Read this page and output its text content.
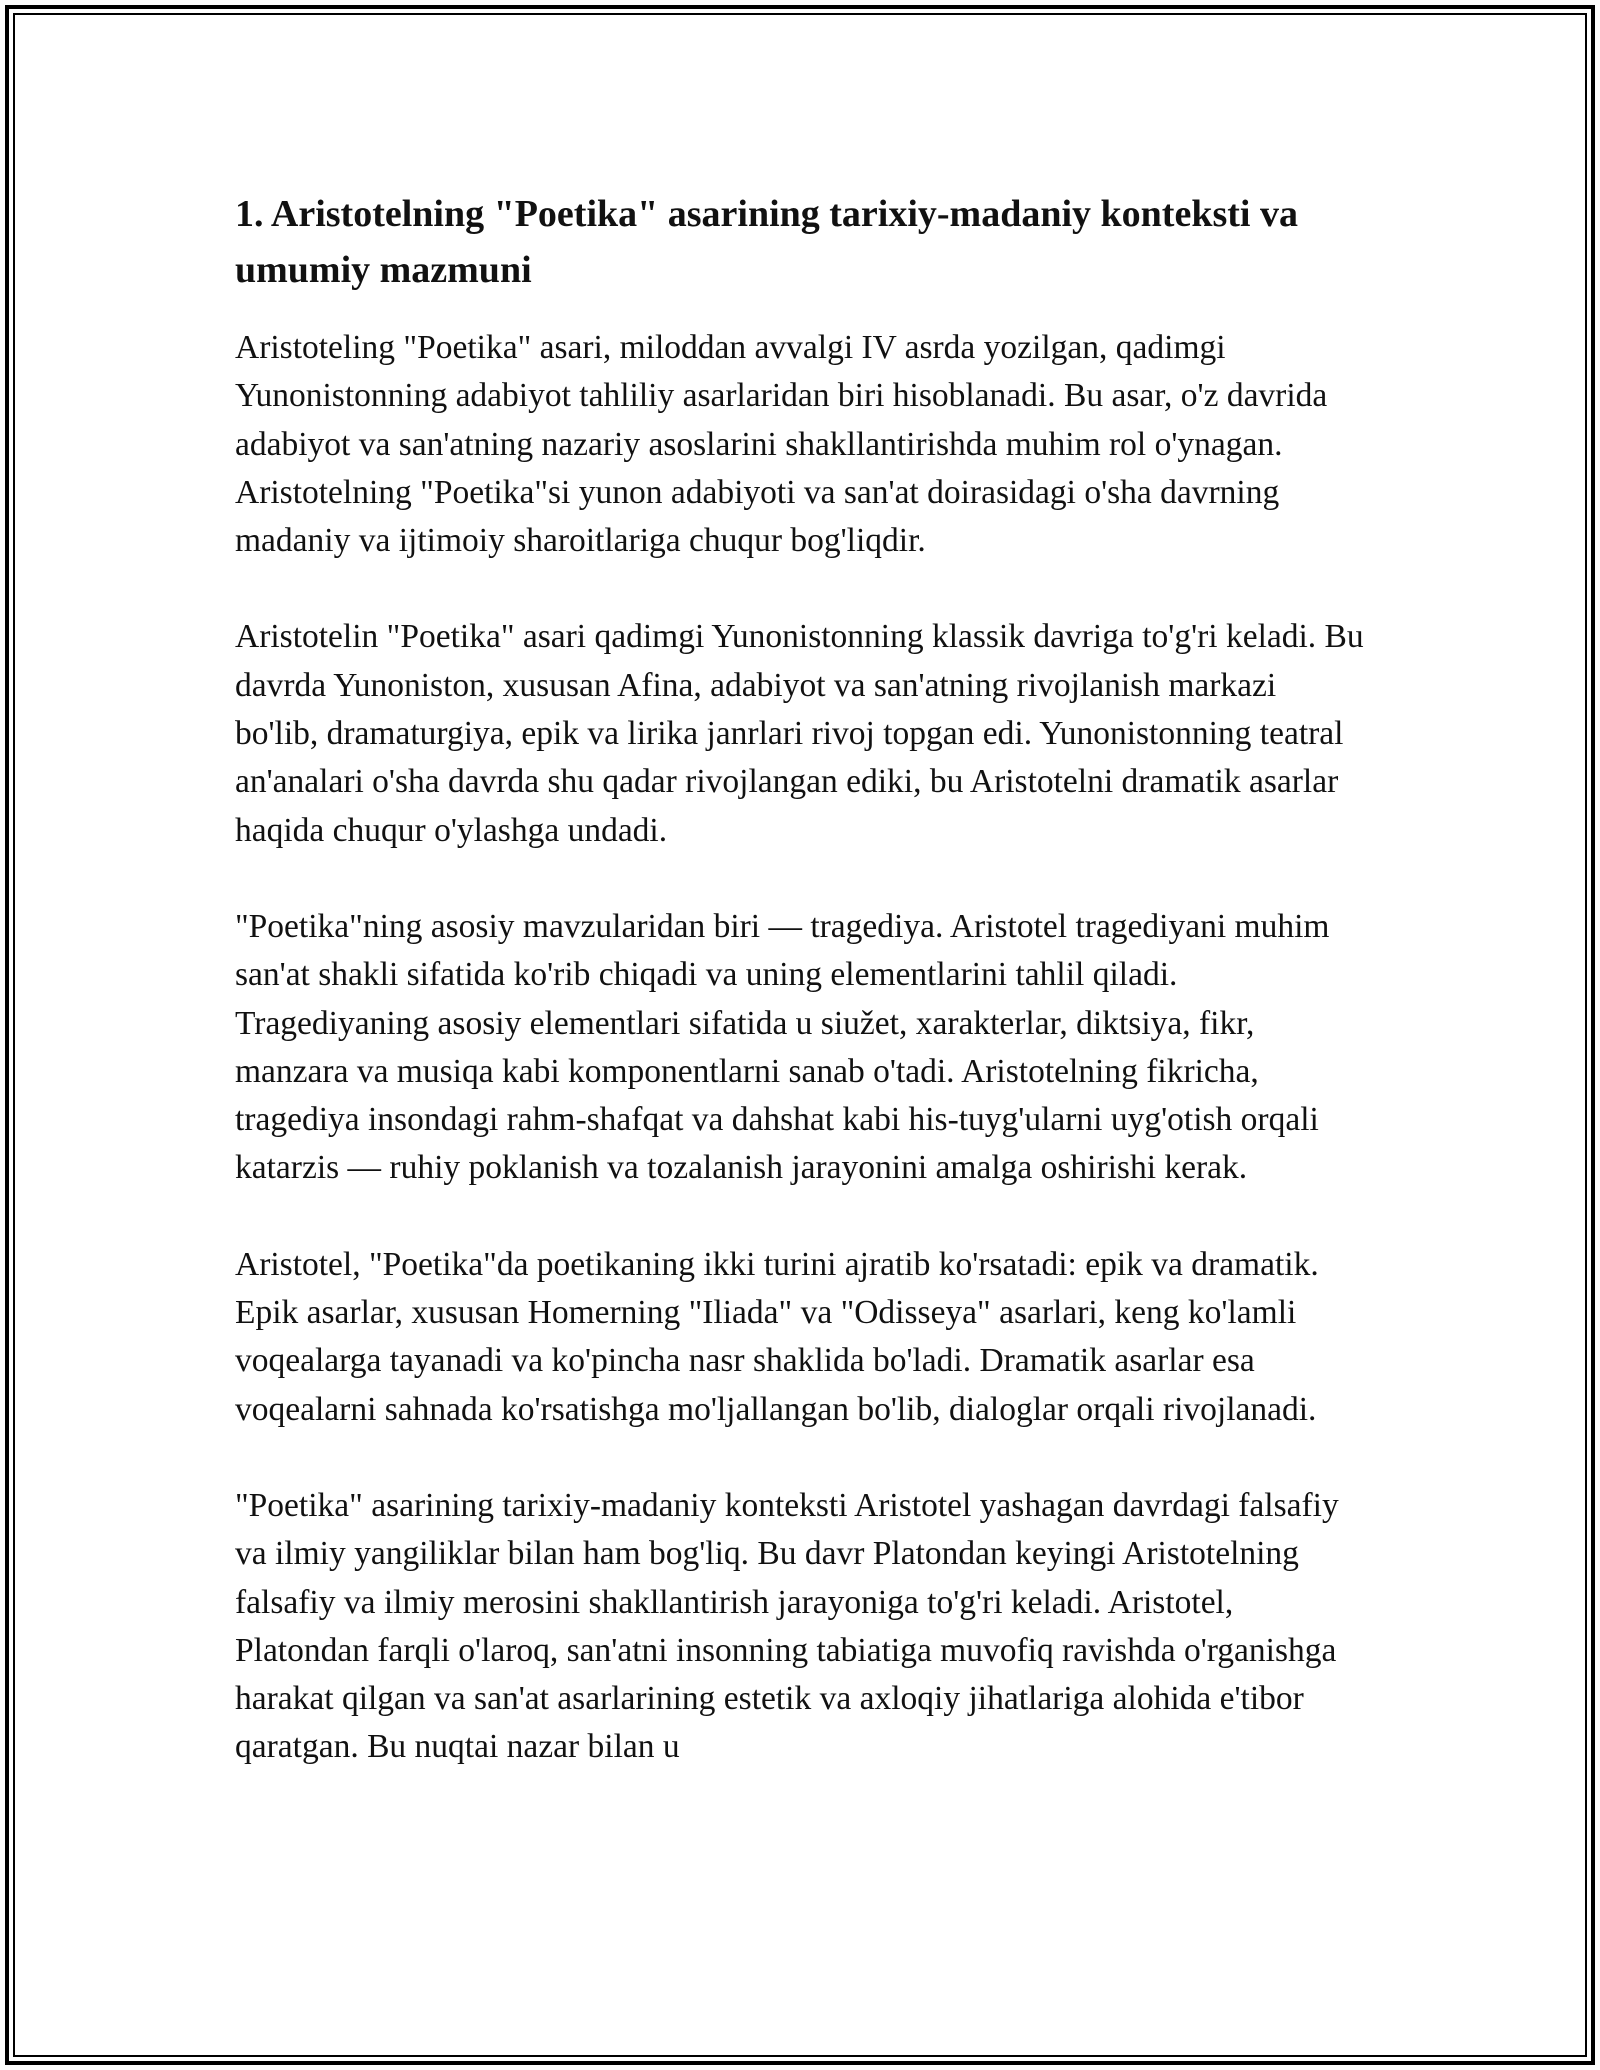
1. Aristotelning "Poetika" asarining tarixiy-madaniy konteksti va umumiy mazmuni

Aristoteling "Poetika" asari, miloddan avvalgi IV asrda yozilgan, qadimgi Yunonistonning adabiyot tahliliy asarlaridan biri hisoblanadi. Bu asar, o'z davrida adabiyot va san'atning nazariy asoslarini shakllantirishda muhim rol o'ynagan. Aristotelning "Poetika"si yunon adabiyoti va san'at doirasidagi o'sha davrning madaniy va ijtimoiy sharoitlariga chuqur bog'liqdir.

Aristotelin "Poetika" asari qadimgi Yunonistonning klassik davriga to'g'ri keladi. Bu davrda Yunoniston, xususan Afina, adabiyot va san'atning rivojlanish markazi bo'lib, dramaturgiya, epik va lirika janrlari rivoj topgan edi. Yunonistonning teatral an'analari o'sha davrda shu qadar rivojlangan ediki, bu Aristotelni dramatik asarlar haqida chuqur o'ylashga undadi.

"Poetika"ning asosiy mavzularidan biri — tragediya. Aristotel tragediyani muhim san'at shakli sifatida ko'rib chiqadi va uning elementlarini tahlil qiladi. Tragediyaning asosiy elementlari sifatida u siužet, xarakterlar, diktsiya, fikr, manzara va musiqa kabi komponentlarni sanab o'tadi. Aristotelning fikricha, tragediya insondagi rahm-shafqat va dahshat kabi his-tuyg'ularni uyg'otish orqali katarzis — ruhiy poklanish va tozalanish jarayonini amalga oshirishi kerak.

Aristotel, "Poetika"da poetikaning ikki turini ajratib ko'rsatadi: epik va dramatik. Epik asarlar, xususan Homerning "Iliada" va "Odisseya" asarlari, keng ko'lamli voqealarga tayanadi va ko'pincha nasr shaklida bo'ladi. Dramatik asarlar esa voqealarni sahnada ko'rsatishga mo'ljallangan bo'lib, dialoglar orqali rivojlanadi.

"Poetika" asarining tarixiy-madaniy konteksti Aristotel yashagan davrdagi falsafiy va ilmiy yangiliklar bilan ham bog'liq. Bu davr Platondan keyingi Aristotelning falsafiy va ilmiy merosini shakllantirish jarayoniga to'g'ri keladi. Aristotel, Platondan farqli o'laroq, san'atni insonning tabiatiga muvofiq ravishda o'rganishga harakat qilgan va san'at asarlarining estetik va axloqiy jihatlariga alohida e'tibor qaratgan. Bu nuqtai nazar bilan u
